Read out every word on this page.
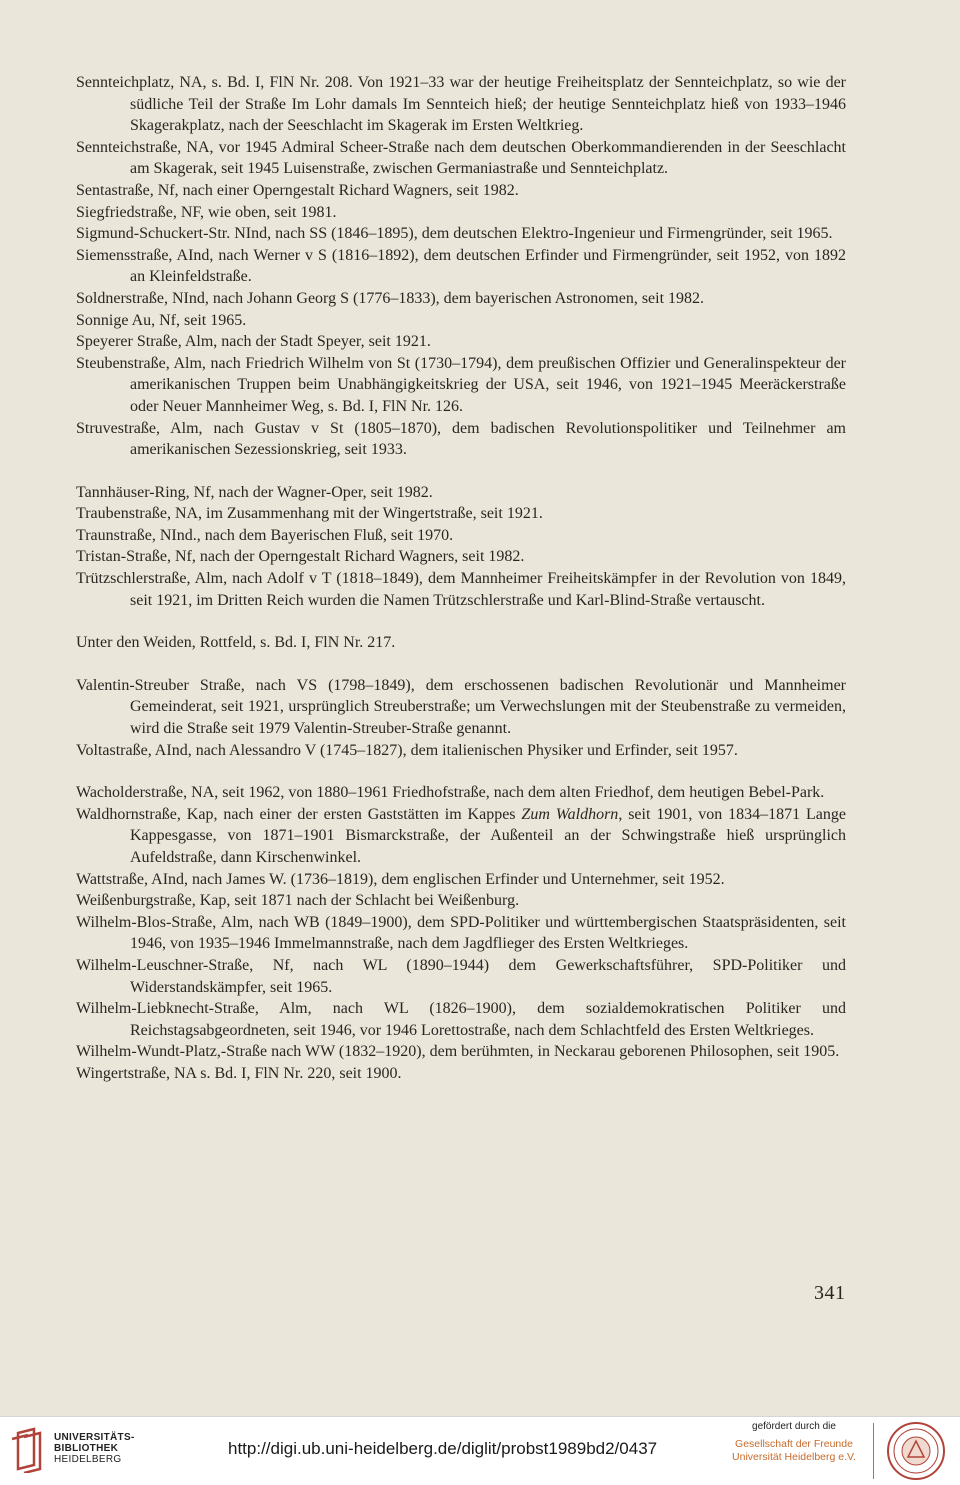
Sennteichplatz, NA, s. Bd. I, FlN Nr. 208. Von 1921–33 war der heutige Freiheitsplatz der Sennteichplatz, so wie der südliche Teil der Straße Im Lohr damals Im Sennteich hieß; der heutige Sennteichplatz hieß von 1933–1946 Skagerakplatz, nach der Seeschlacht im Skagerak im Ersten Weltkrieg.
Sennteichstraße, NA, vor 1945 Admiral Scheer-Straße nach dem deutschen Oberkommandierenden in der Seeschlacht am Skagerak, seit 1945 Luisenstraße, zwischen Germaniastraße und Sennteichplatz.
Sentastraße, Nf, nach einer Operngestalt Richard Wagners, seit 1982.
Siegfriedstraße, NF, wie oben, seit 1981.
Sigmund-Schuckert-Str. NInd, nach SS (1846–1895), dem deutschen Elektro-Ingenieur und Firmengründer, seit 1965.
Siemensstraße, AInd, nach Werner v S (1816–1892), dem deutschen Erfinder und Firmengründer, seit 1952, von 1892 an Kleinfeldstraße.
Soldnerstraße, NInd, nach Johann Georg S (1776–1833), dem bayerischen Astronomen, seit 1982.
Sonnige Au, Nf, seit 1965.
Speyerer Straße, Alm, nach der Stadt Speyer, seit 1921.
Steubenstraße, Alm, nach Friedrich Wilhelm von St (1730–1794), dem preußischen Offizier und Generalinspekteur der amerikanischen Truppen beim Unabhängigkeitskrieg der USA, seit 1946, von 1921–1945 Meeräckerstraße oder Neuer Mannheimer Weg, s. Bd. I, FlN Nr. 126.
Struvestraße, Alm, nach Gustav v St (1805–1870), dem badischen Revolutionspolitiker und Teilnehmer am amerikanischen Sezessionskrieg, seit 1933.
Tannhäuser-Ring, Nf, nach der Wagner-Oper, seit 1982.
Traubenstraße, NA, im Zusammenhang mit der Wingertstraße, seit 1921.
Traunstraße, NInd., nach dem Bayerischen Fluß, seit 1970.
Tristan-Straße, Nf, nach der Operngestalt Richard Wagners, seit 1982.
Trützschlerstraße, Alm, nach Adolf v T (1818–1849), dem Mannheimer Freiheitskämpfer in der Revolution von 1849, seit 1921, im Dritten Reich wurden die Namen Trützschlerstraße und Karl-Blind-Straße vertauscht.
Unter den Weiden, Rottfeld, s. Bd. I, FlN Nr. 217.
Valentin-Streuber Straße, nach VS (1798–1849), dem erschossenen badischen Revolutionär und Mannheimer Gemeinderat, seit 1921, ursprünglich Streuberstraße; um Verwechslungen mit der Steubenstraße zu vermeiden, wird die Straße seit 1979 Valentin-Streuber-Straße genannt.
Voltastraße, AInd, nach Alessandro V (1745–1827), dem italienischen Physiker und Erfinder, seit 1957.
Wacholderstraße, NA, seit 1962, von 1880–1961 Friedhofstraße, nach dem alten Friedhof, dem heutigen Bebel-Park.
Waldhornstraße, Kap, nach einer der ersten Gaststätten im Kappes Zum Waldhorn, seit 1901, von 1834–1871 Lange Kappesgasse, von 1871–1901 Bismarckstraße, der Außenteil an der Schwingstraße hieß ursprünglich Aufeldstraße, dann Kirschenwinkel.
Wattstraße, AInd, nach James W. (1736–1819), dem englischen Erfinder und Unternehmer, seit 1952.
Weißenburgstraße, Kap, seit 1871 nach der Schlacht bei Weißenburg.
Wilhelm-Blos-Straße, Alm, nach WB (1849–1900), dem SPD-Politiker und württembergischen Staatspräsidenten, seit 1946, von 1935–1946 Immelmannstraße, nach dem Jagdflieger des Ersten Weltkrieges.
Wilhelm-Leuschner-Straße, Nf, nach WL (1890–1944) dem Gewerkschaftsführer, SPD-Politiker und Widerstandskämpfer, seit 1965.
Wilhelm-Liebknecht-Straße, Alm, nach WL (1826–1900), dem sozialdemokratischen Politiker und Reichstagsabgeordneten, seit 1946, vor 1946 Lorettostraße, nach dem Schlachtfeld des Ersten Weltkrieges.
Wilhelm-Wundt-Platz,-Straße nach WW (1832–1920), dem berühmten, in Neckarau geborenen Philosophen, seit 1905.
Wingertstraße, NA s. Bd. I, FlN Nr. 220, seit 1900.
341
UNIVERSITÄTS-
BIBLIOTHEK
HEIDELBERG
http://digi.ub.uni-heidelberg.de/diglit/probst1989bd2/0437
gefördert durch die
Gesellschaft der Freunde
Universität Heidelberg e.V.
